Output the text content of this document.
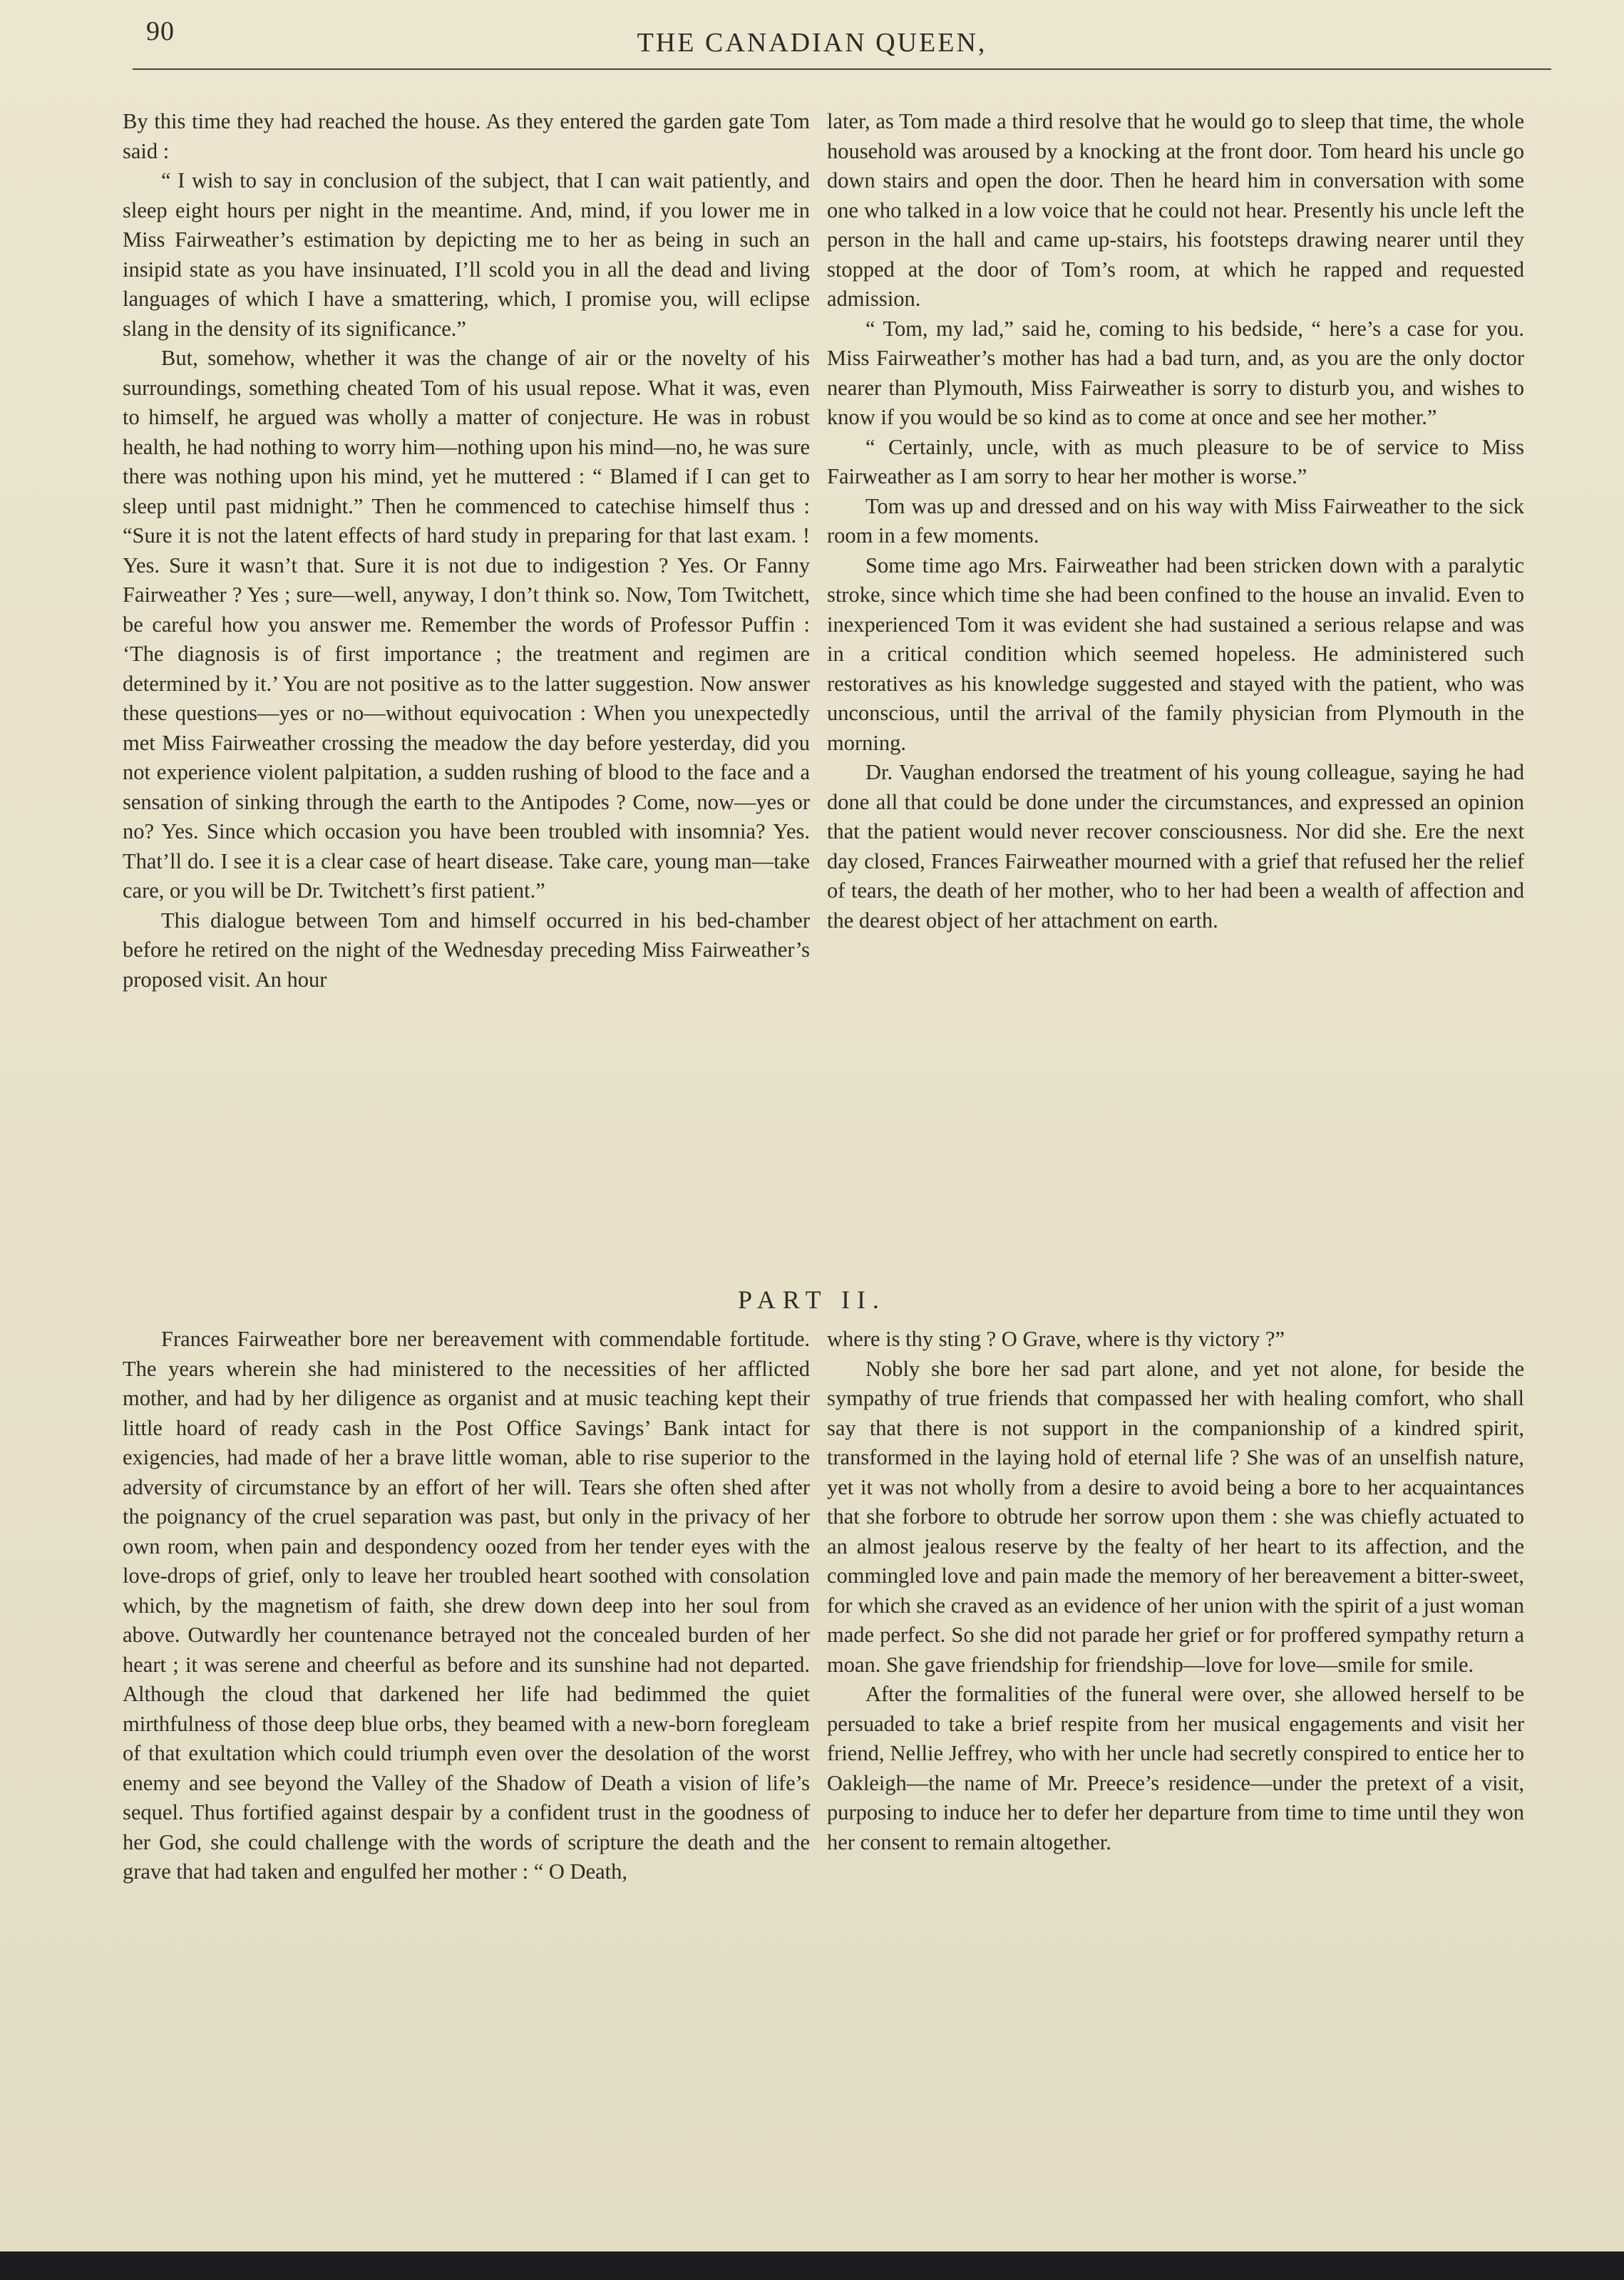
90	THE CANADIAN QUEEN,

By this time they had reached the house. As they entered the garden gate Tom said :

“ I wish to say in conclusion of the subject, that I can wait patiently, and sleep eight hours per night in the meantime. And, mind, if you lower me in Miss Fairweather’s estimation by depicting me to her as being in such an insipid state as you have insinuated, I’ll scold you in all the dead and living languages of which I have a smattering, which, I promise you, will eclipse slang in the density of its significance.”

But, somehow, whether it was the change of air or the novelty of his surroundings, something cheated Tom of his usual repose. What it was, even to himself, he argued was wholly a matter of conjecture. He was in robust health, he had nothing to worry him—nothing upon his mind—no, he was sure there was nothing upon his mind, yet he muttered : “ Blamed if I can get to sleep until past midnight.” Then he commenced to catechise himself thus : “Sure it is not the latent effects of hard study in preparing for that last exam. ! Yes. Sure it wasn’t that. Sure it is not due to indigestion ? Yes. Or Fanny Fairweather ? Yes ; sure—well, anyway, I don’t think so. Now, Tom Twitchett, be careful how you answer me. Remember the words of Professor Puffin : ‘The diagnosis is of first importance ; the treatment and regimen are determined by it.’ You are not positive as to the latter suggestion. Now answer these questions—yes or no—without equivocation : When you unexpectedly met Miss Fairweather crossing the meadow the day before yesterday, did you not experience violent palpitation, a sudden rushing of blood to the face and a sensation of sinking through the earth to the Antipodes ? Come, now—yes or no? Yes. Since which occasion you have been troubled with insomnia? Yes. That’ll do. I see it is a clear case of heart disease. Take care, young man—take care, or you will be Dr. Twitchett’s first patient.”

This dialogue between Tom and himself occurred in his bed-chamber before he retired on the night of the Wednesday preceding Miss Fairweather’s proposed visit. An hour

later, as Tom made a third resolve that he would go to sleep that time, the whole household was aroused by a knocking at the front door. Tom heard his uncle go down stairs and open the door. Then he heard him in conversation with some one who talked in a low voice that he could not hear. Presently his uncle left the person in the hall and came up-stairs, his footsteps drawing nearer until they stopped at the door of Tom’s room, at which he rapped and requested admission.

“ Tom, my lad,” said he, coming to his bedside, “ here’s a case for you. Miss Fairweather’s mother has had a bad turn, and, as you are the only doctor nearer than Plymouth, Miss Fairweather is sorry to disturb you, and wishes to know if you would be so kind as to come at once and see her mother.”

“ Certainly, uncle, with as much pleasure to be of service to Miss Fairweather as I am sorry to hear her mother is worse.”

Tom was up and dressed and on his way with Miss Fairweather to the sick room in a few moments.

Some time ago Mrs. Fairweather had been stricken down with a paralytic stroke, since which time she had been confined to the house an invalid. Even to inexperienced Tom it was evident she had sustained a serious relapse and was in a critical condition which seemed hopeless. He administered such restoratives as his knowledge suggested and stayed with the patient, who was unconscious, until the arrival of the family physician from Plymouth in the morning.

Dr. Vaughan endorsed the treatment of his young colleague, saying he had done all that could be done under the circumstances, and expressed an opinion that the patient would never recover consciousness. Nor did she. Ere the next day closed, Frances Fairweather mourned with a grief that refused her the relief of tears, the death of her mother, who to her had been a wealth of affection and the dearest object of her attachment on earth.

PART II.

Frances Fairweather bore ner bereavement with commendable fortitude. The years wherein she had ministered to the necessities of her afflicted mother, and had by her diligence as organist and at music teaching kept their little hoard of ready cash in the Post Office Savings’ Bank intact for exigencies, had made of her a brave little woman, able to rise superior to the adversity of circumstance by an effort of her will. Tears she often shed after the poignancy of the cruel separation was past, but only in the privacy of her own room, when pain and despondency oozed from her tender eyes with the love-drops of grief, only to leave her troubled heart soothed with consolation which, by the magnetism of faith, she drew down deep into her soul from above. Outwardly her countenance betrayed not the concealed burden of her heart ; it was serene and cheerful as before and its sunshine had not departed. Although the cloud that darkened her life had bedimmed the quiet mirthfulness of those deep blue orbs, they beamed with a new-born foregleam of that exultation which could triumph even over the desolation of the worst enemy and see beyond the Valley of the Shadow of Death a vision of life’s sequel. Thus fortified against despair by a confident trust in the goodness of her God, she could challenge with the words of scripture the death and the grave that had taken and engulfed her mother : “ O Death,

where is thy sting ? O Grave, where is thy victory ?”

Nobly she bore her sad part alone, and yet not alone, for beside the sympathy of true friends that compassed her with healing comfort, who shall say that there is not support in the companionship of a kindred spirit, transformed in the laying hold of eternal life ? She was of an unselfish nature, yet it was not wholly from a desire to avoid being a bore to her acquaintances that she forbore to obtrude her sorrow upon them : she was chiefly actuated to an almost jealous reserve by the fealty of her heart to its affection, and the commingled love and pain made the memory of her bereavement a bitter-sweet, for which she craved as an evidence of her union with the spirit of a just woman made perfect. So she did not parade her grief or for proffered sympathy return a moan. She gave friendship for friendship—love for love—smile for smile.

After the formalities of the funeral were over, she allowed herself to be persuaded to take a brief respite from her musical engagements and visit her friend, Nellie Jeffrey, who with her uncle had secretly conspired to entice her to Oakleigh—the name of Mr. Preece’s residence—under the pretext of a visit, purposing to induce her to defer her departure from time to time until they won her consent to remain altogether.
